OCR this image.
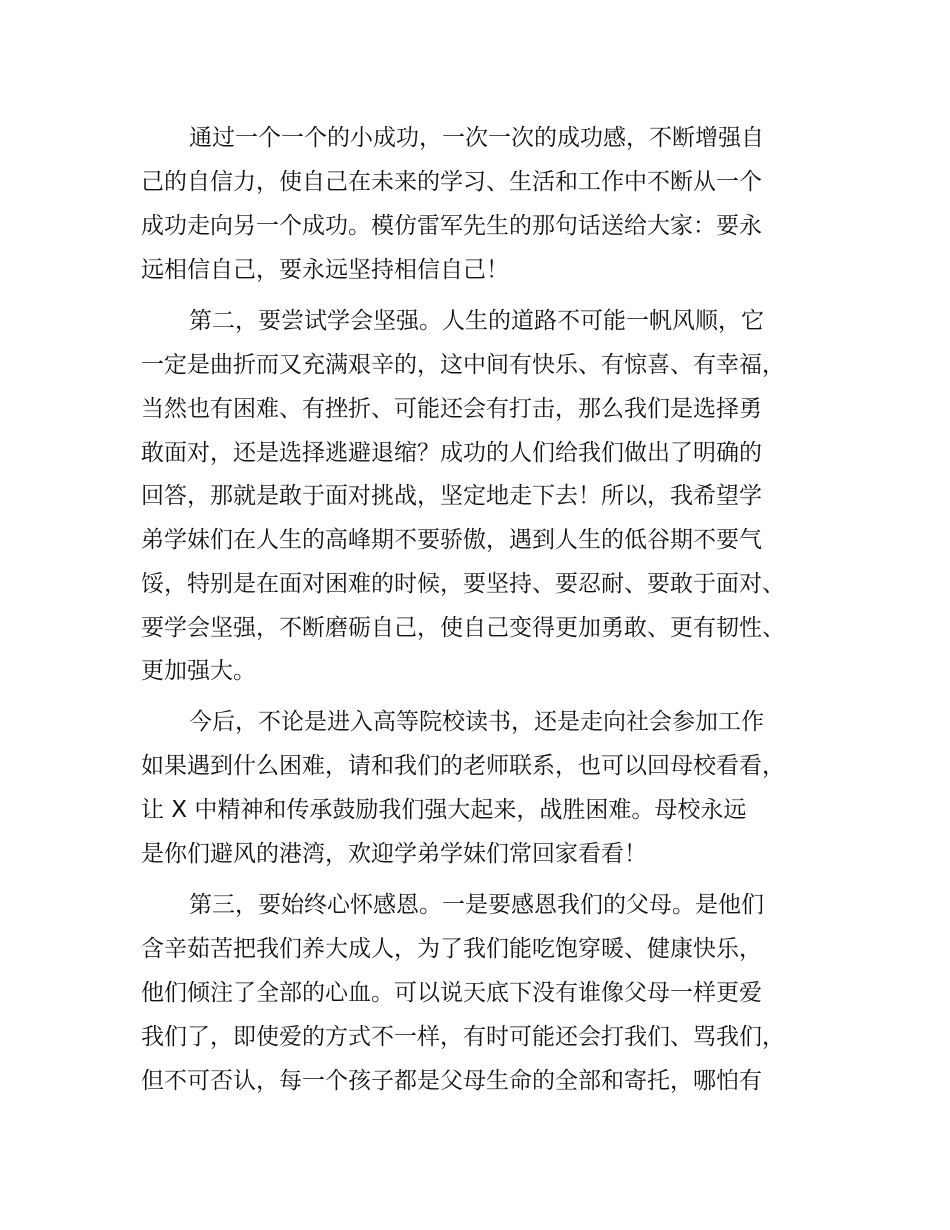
通过一个一个的小成功，一次一次的成功感，不断增强自
己的自信力，使自己在未来的学习、生活和工作中不断从一个
成功走向另一个成功。模仿雷军先生的那句话送给大家：要永
远相信自己，要永远坚持相信自己！
第二，要尝试学会坚强。人生的道路不可能一帆风顺，它
一定是曲折而又充满艰辛的，这中间有快乐、有惊喜、有幸福，
当然也有困难、有挫折、可能还会有打击，那么我们是选择勇
敢面对，还是选择逃避退缩？成功的人们给我们做出了明确的
回答，那就是敢于面对挑战，坚定地走下去！所以，我希望学
弟学妹们在人生的高峰期不要骄傲，遇到人生的低谷期不要气
馁，特别是在面对困难的时候，要坚持、要忍耐、要敢于面对、
要学会坚强，不断磨砺自己，使自己变得更加勇敢、更有韧性、
更加强大。
今后，不论是进入高等院校读书，还是走向社会参加工作
如果遇到什么困难，请和我们的老师联系，也可以回母校看看，
让 X 中精神和传承鼓励我们强大起来，战胜困难。母校永远
是你们避风的港湾，欢迎学弟学妹们常回家看看！
第三，要始终心怀感恩。一是要感恩我们的父母。是他们
含辛茹苦把我们养大成人，为了我们能吃饱穿暖、健康快乐，
他们倾注了全部的心血。可以说天底下没有谁像父母一样更爱
我们了，即使爱的方式不一样，有时可能还会打我们、骂我们，
但不可否认，每一个孩子都是父母生命的全部和寄托，哪怕有
